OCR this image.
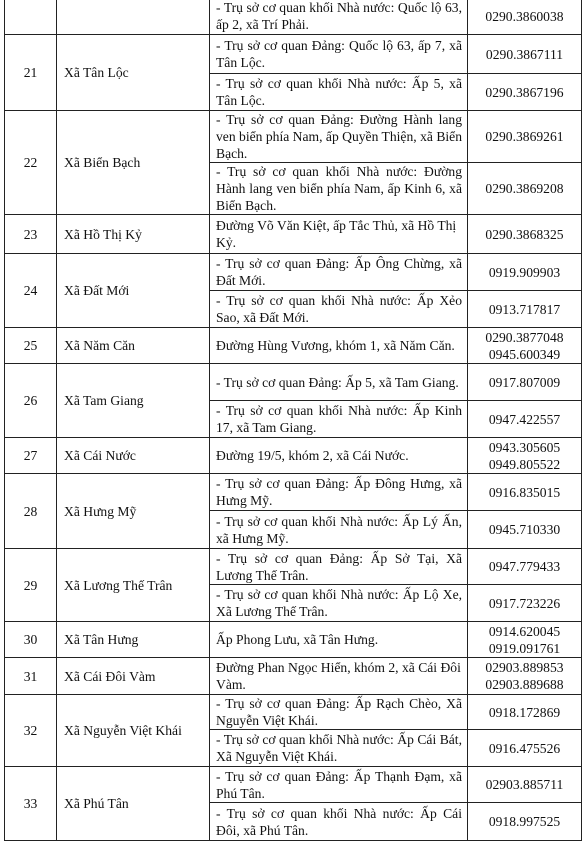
		- Trụ sở cơ quan khối Nhà nước: Quốc lộ 63, ấp 2, xã Trí Phải.	0290.3860038

21	Xã Tân Lộc	- Trụ sở cơ quan Đảng: Quốc lộ 63, ấp 7, xã Tân Lộc.	0290.3867111

		- Trụ sở cơ quan khối Nhà nước: Ấp 5, xã Tân Lộc.	0290.3867196

22	Xã Biển Bạch	- Trụ sở cơ quan Đảng: Đường Hành lang ven biển phía Nam, ấp Quyền Thiện, xã Biển Bạch.	0290.3869261

		- Trụ sở cơ quan khối Nhà nước: Đường Hành lang ven biển phía Nam, ấp Kinh 6, xã Biển Bạch.	0290.3869208

23	Xã Hồ Thị Kỷ	Đường Võ Văn Kiệt, ấp Tắc Thủ, xã Hồ Thị Kỷ.	0290.3868325

24	Xã Đất Mới	- Trụ sở cơ quan Đảng: Ấp Ông Chừng, xã Đất Mới.	0919.909903

		- Trụ sở cơ quan khối Nhà nước: Ấp Xẻo Sao, xã Đất Mới.	0913.717817

25	Xã Năm Căn	Đường Hùng Vương, khóm 1, xã Năm Căn.	0290.3877048
0945.600349

26	Xã Tam Giang	- Trụ sở cơ quan Đảng: Ấp 5, xã Tam Giang.	0917.807009

		- Trụ sở cơ quan khối Nhà nước: Ấp Kinh 17, xã Tam Giang.	0947.422557

27	Xã Cái Nước	Đường 19/5, khóm 2, xã Cái Nước.	0943.305605
0949.805522

28	Xã Hưng Mỹ	- Trụ sở cơ quan Đảng: Ấp Đông Hưng, xã Hưng Mỹ.	0916.835015

		- Trụ sở cơ quan khối Nhà nước: Ấp Lý Ấn, xã Hưng Mỹ.	0945.710330

29	Xã Lương Thế Trân	- Trụ sở cơ quan Đảng: Ấp Sở Tại, Xã Lương Thế Trân.	0947.779433

		- Trụ sở cơ quan khối Nhà nước: Ấp Lộ Xe, Xã Lương Thế Trân.	0917.723226

30	Xã Tân Hưng	Ấp Phong Lưu, xã Tân Hưng.	0914.620045
0919.091761

31	Xã Cái Đôi Vàm	Đường Phan Ngọc Hiển, khóm 2, xã Cái Đôi Vàm.	02903.889853
02903.889688

32	Xã Nguyễn Việt Khái	- Trụ sở cơ quan Đảng: Ấp Rạch Chèo, Xã Nguyễn Việt Khái.	0918.172869

		- Trụ sở cơ quan khối Nhà nước: Ấp Cái Bát, Xã Nguyễn Việt Khái.	0916.475526

33	Xã Phú Tân	- Trụ sở cơ quan Đảng: Ấp Thạnh Đạm, xã Phú Tân.	02903.885711

		- Trụ sở cơ quan khối Nhà nước: Ấp Cái Đôi, xã Phú Tân.	0918.997525
